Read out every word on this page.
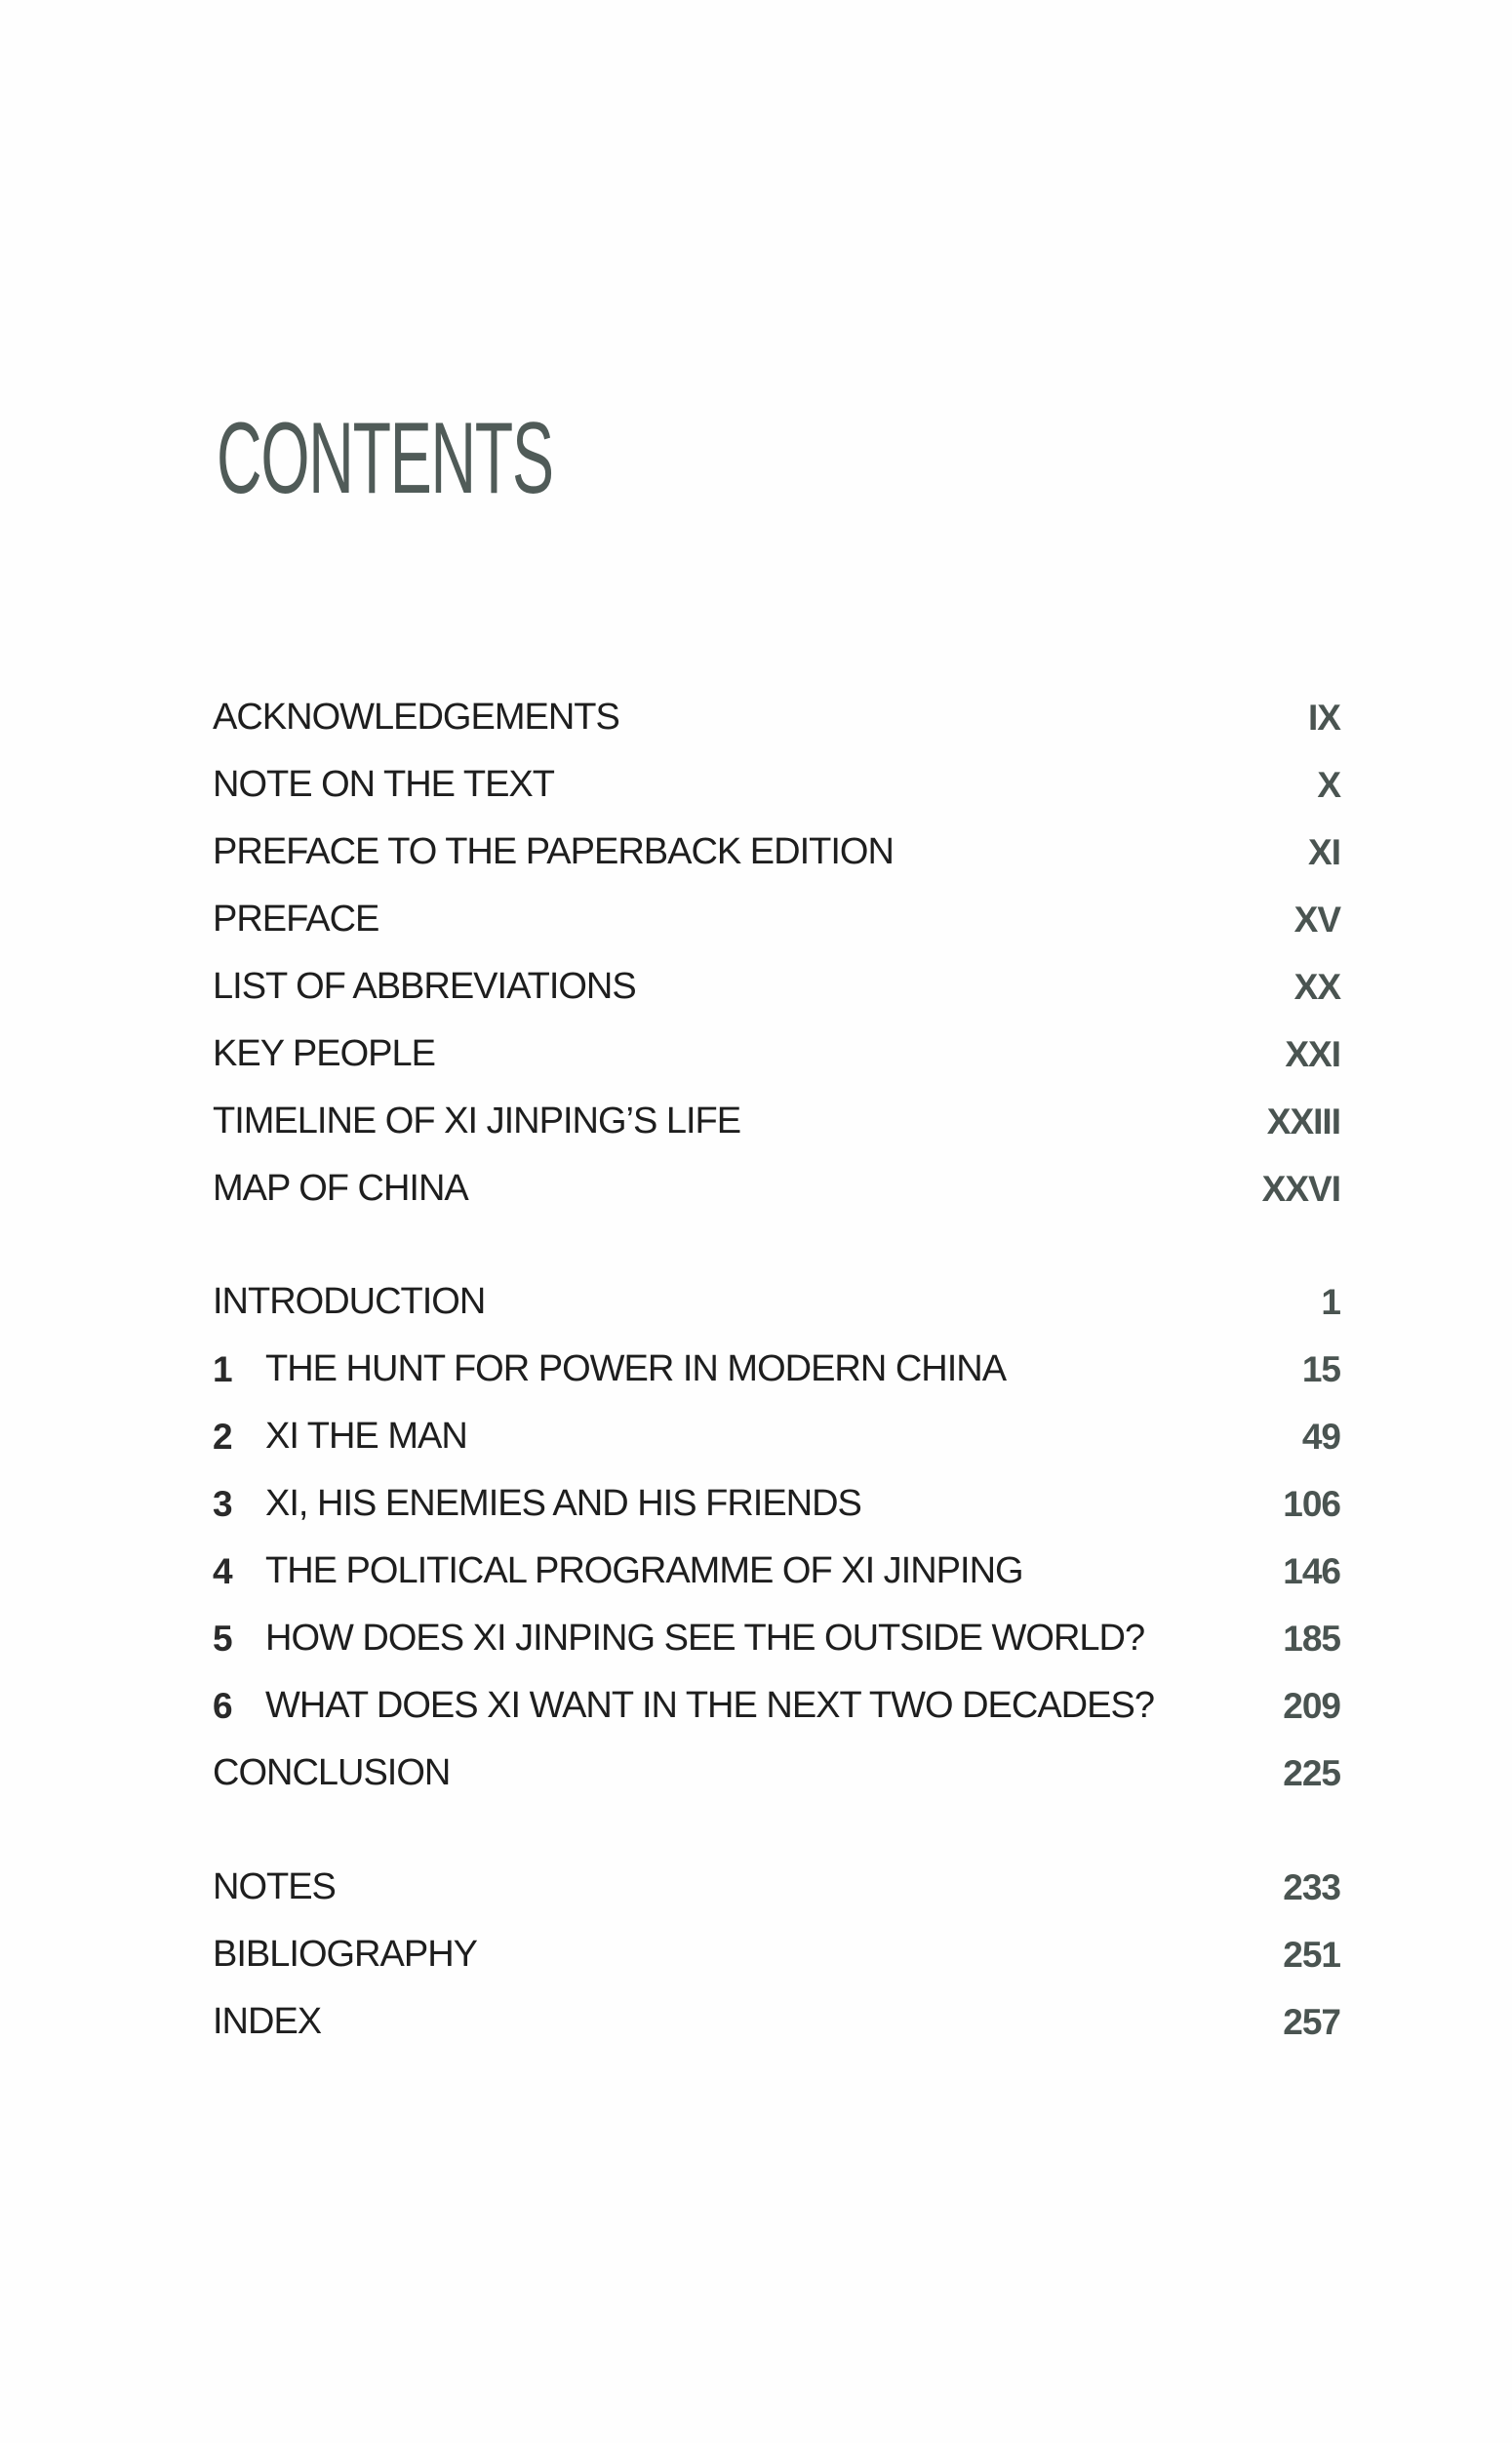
CONTENTS
ACKNOWLEDGEMENTS	IX
NOTE ON THE TEXT	X
PREFACE TO THE PAPERBACK EDITION	XI
PREFACE	XV
LIST OF ABBREVIATIONS	XX
KEY PEOPLE	XXI
TIMELINE OF XI JINPING’S LIFE	XXIII
MAP OF CHINA	XXVI
INTRODUCTION	1
1 THE HUNT FOR POWER IN MODERN CHINA	15
2 XI THE MAN	49
3 XI, HIS ENEMIES AND HIS FRIENDS	106
4 THE POLITICAL PROGRAMME OF XI JINPING	146
5 HOW DOES XI JINPING SEE THE OUTSIDE WORLD?	185
6 WHAT DOES XI WANT IN THE NEXT TWO DECADES?	209
CONCLUSION	225
NOTES	233
BIBLIOGRAPHY	251
INDEX	257
